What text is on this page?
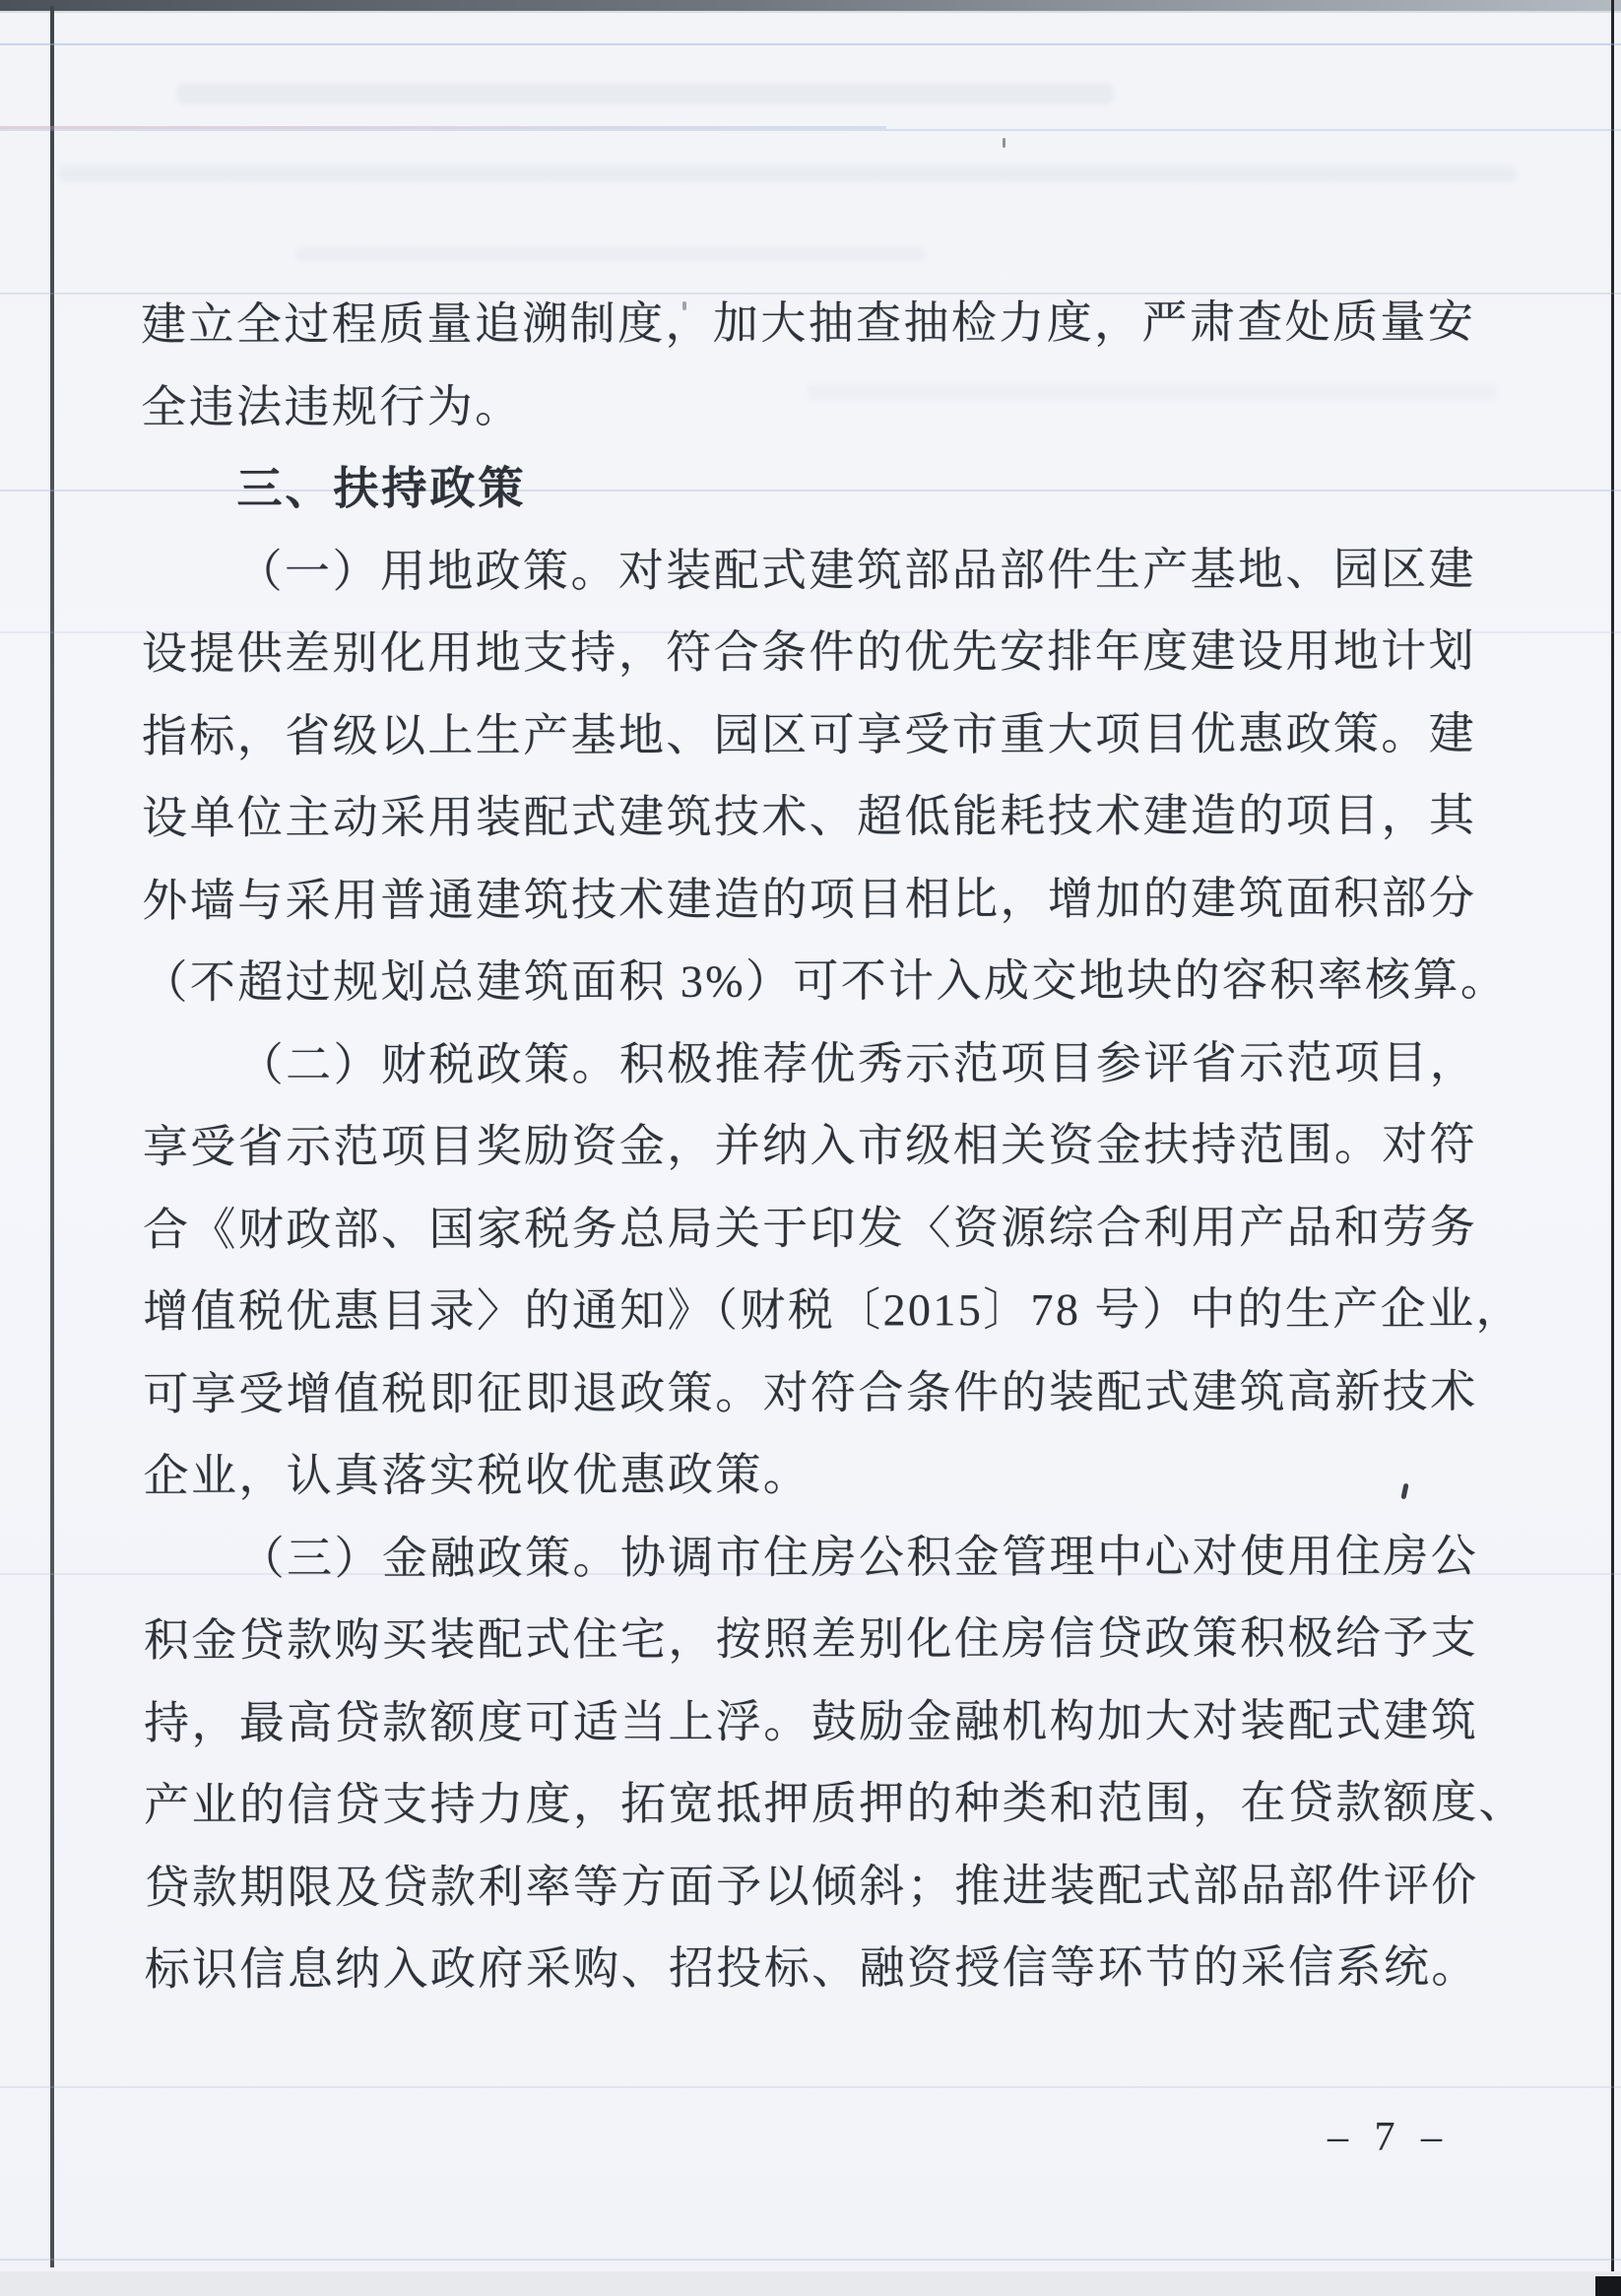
建立全过程质量追溯制度，加大抽查抽检力度，严肃查处质量安
全违法违规行为。
三、扶持政策
（一）用地政策。对装配式建筑部品部件生产基地、园区建
设提供差别化用地支持，符合条件的优先安排年度建设用地计划
指标，省级以上生产基地、园区可享受市重大项目优惠政策。建
设单位主动采用装配式建筑技术、超低能耗技术建造的项目，其
外墙与采用普通建筑技术建造的项目相比，增加的建筑面积部分
（不超过规划总建筑面积 3%）可不计入成交地块的容积率核算。
（二）财税政策。积极推荐优秀示范项目参评省示范项目，
享受省示范项目奖励资金，并纳入市级相关资金扶持范围。对符
合《财政部、国家税务总局关于印发〈资源综合利用产品和劳务
增值税优惠目录〉的通知》（财税〔2015〕78 号）中的生产企业，
可享受增值税即征即退政策。对符合条件的装配式建筑高新技术
企业，认真落实税收优惠政策。
（三）金融政策。协调市住房公积金管理中心对使用住房公
积金贷款购买装配式住宅，按照差别化住房信贷政策积极给予支
持，最高贷款额度可适当上浮。鼓励金融机构加大对装配式建筑
产业的信贷支持力度，拓宽抵押质押的种类和范围，在贷款额度、
贷款期限及贷款利率等方面予以倾斜；推进装配式部品部件评价
标识信息纳入政府采购、招投标、融资授信等环节的采信系统。
– 7 –
